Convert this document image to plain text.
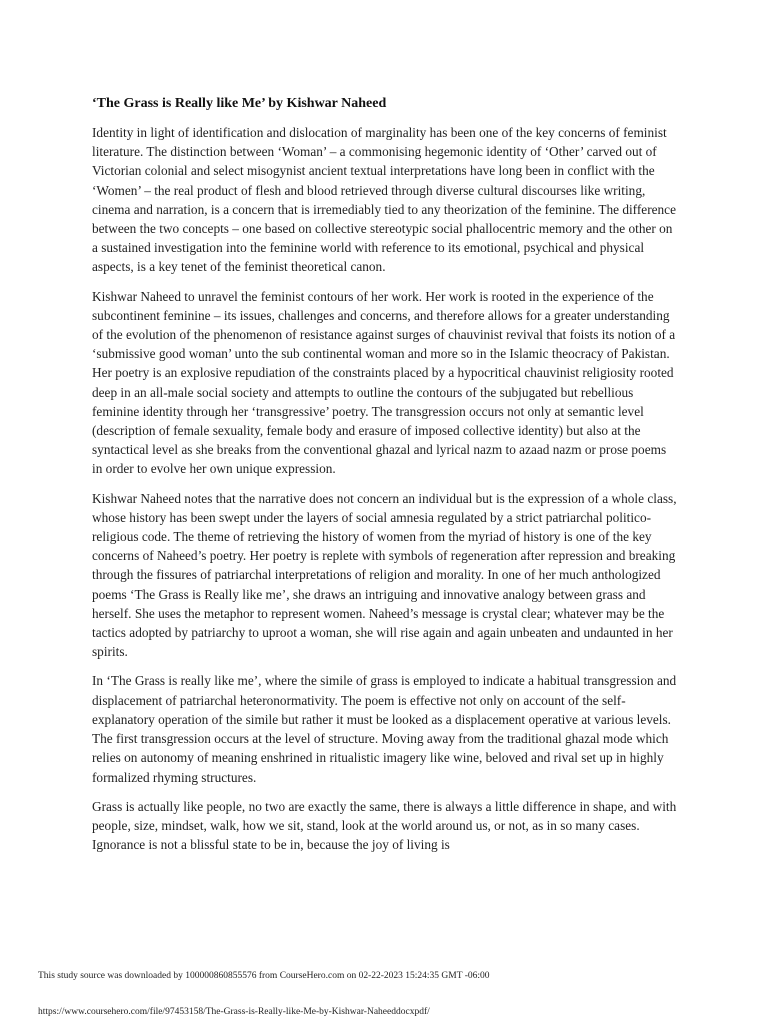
‘The Grass is Really like Me’ by Kishwar Naheed

Identity in light of identification and dislocation of marginality has been one of the key concerns of feminist literature. The distinction between ‘Woman’ – a commonising hegemonic identity of ‘Other’ carved out of Victorian colonial and select misogynist ancient textual interpretations have long been in conflict with the ‘Women’ – the real product of flesh and blood retrieved through diverse cultural discourses like writing, cinema and narration, is a concern that is irremediably tied to any theorization of the feminine. The difference between the two concepts – one based on collective stereotypic social phallocentric memory and the other on a sustained investigation into the feminine world with reference to its emotional, psychical and physical aspects, is a key tenet of the feminist theoretical canon.

Kishwar Naheed to unravel the feminist contours of her work. Her work is rooted in the experience of the subcontinent feminine – its issues, challenges and concerns, and therefore allows for a greater understanding of the evolution of the phenomenon of resistance against surges of chauvinist revival that foists its notion of a ‘submissive good woman’ unto the sub continental woman and more so in the Islamic theocracy of Pakistan. Her poetry is an explosive repudiation of the constraints placed by a hypocritical chauvinist religiosity rooted deep in an all-male social society and attempts to outline the contours of the subjugated but rebellious feminine identity through her ‘transgressive’ poetry. The transgression occurs not only at semantic level (description of female sexuality, female body and erasure of imposed collective identity) but also at the syntactical level as she breaks from the conventional ghazal and lyrical nazm to azaad nazm or prose poems in order to evolve her own unique expression.

Kishwar Naheed notes that the narrative does not concern an individual but is the expression of a whole class, whose history has been swept under the layers of social amnesia regulated by a strict patriarchal politico-religious code. The theme of retrieving the history of women from the myriad of history is one of the key concerns of Naheed’s poetry. Her poetry is replete with symbols of regeneration after repression and breaking through the fissures of patriarchal interpretations of religion and morality. In one of her much anthologized poems ‘The Grass is Really like me’, she draws an intriguing and innovative analogy between grass and herself. She uses the metaphor to represent women. Naheed’s message is crystal clear; whatever may be the tactics adopted by patriarchy to uproot a woman, she will rise again and again unbeaten and undaunted in her spirits.

In ‘The Grass is really like me’, where the simile of grass is employed to indicate a habitual transgression and displacement of patriarchal heteronormativity. The poem is effective not only on account of the self-explanatory operation of the simile but rather it must be looked as a displacement operative at various levels. The first transgression occurs at the level of structure. Moving away from the traditional ghazal mode which relies on autonomy of meaning enshrined in ritualistic imagery like wine, beloved and rival set up in highly formalized rhyming structures.

Grass is actually like people, no two are exactly the same, there is always a little difference in shape, and with people, size, mindset, walk, how we sit, stand, look at the world around us, or not, as in so many cases. Ignorance is not a blissful state to be in, because the joy of living is

This study source was downloaded by 100000860855576 from CourseHero.com on 02-22-2023 15:24:35 GMT -06:00
https://www.coursehero.com/file/97453158/The-Grass-is-Really-like-Me-by-Kishwar-Naheeddocxpdf/
